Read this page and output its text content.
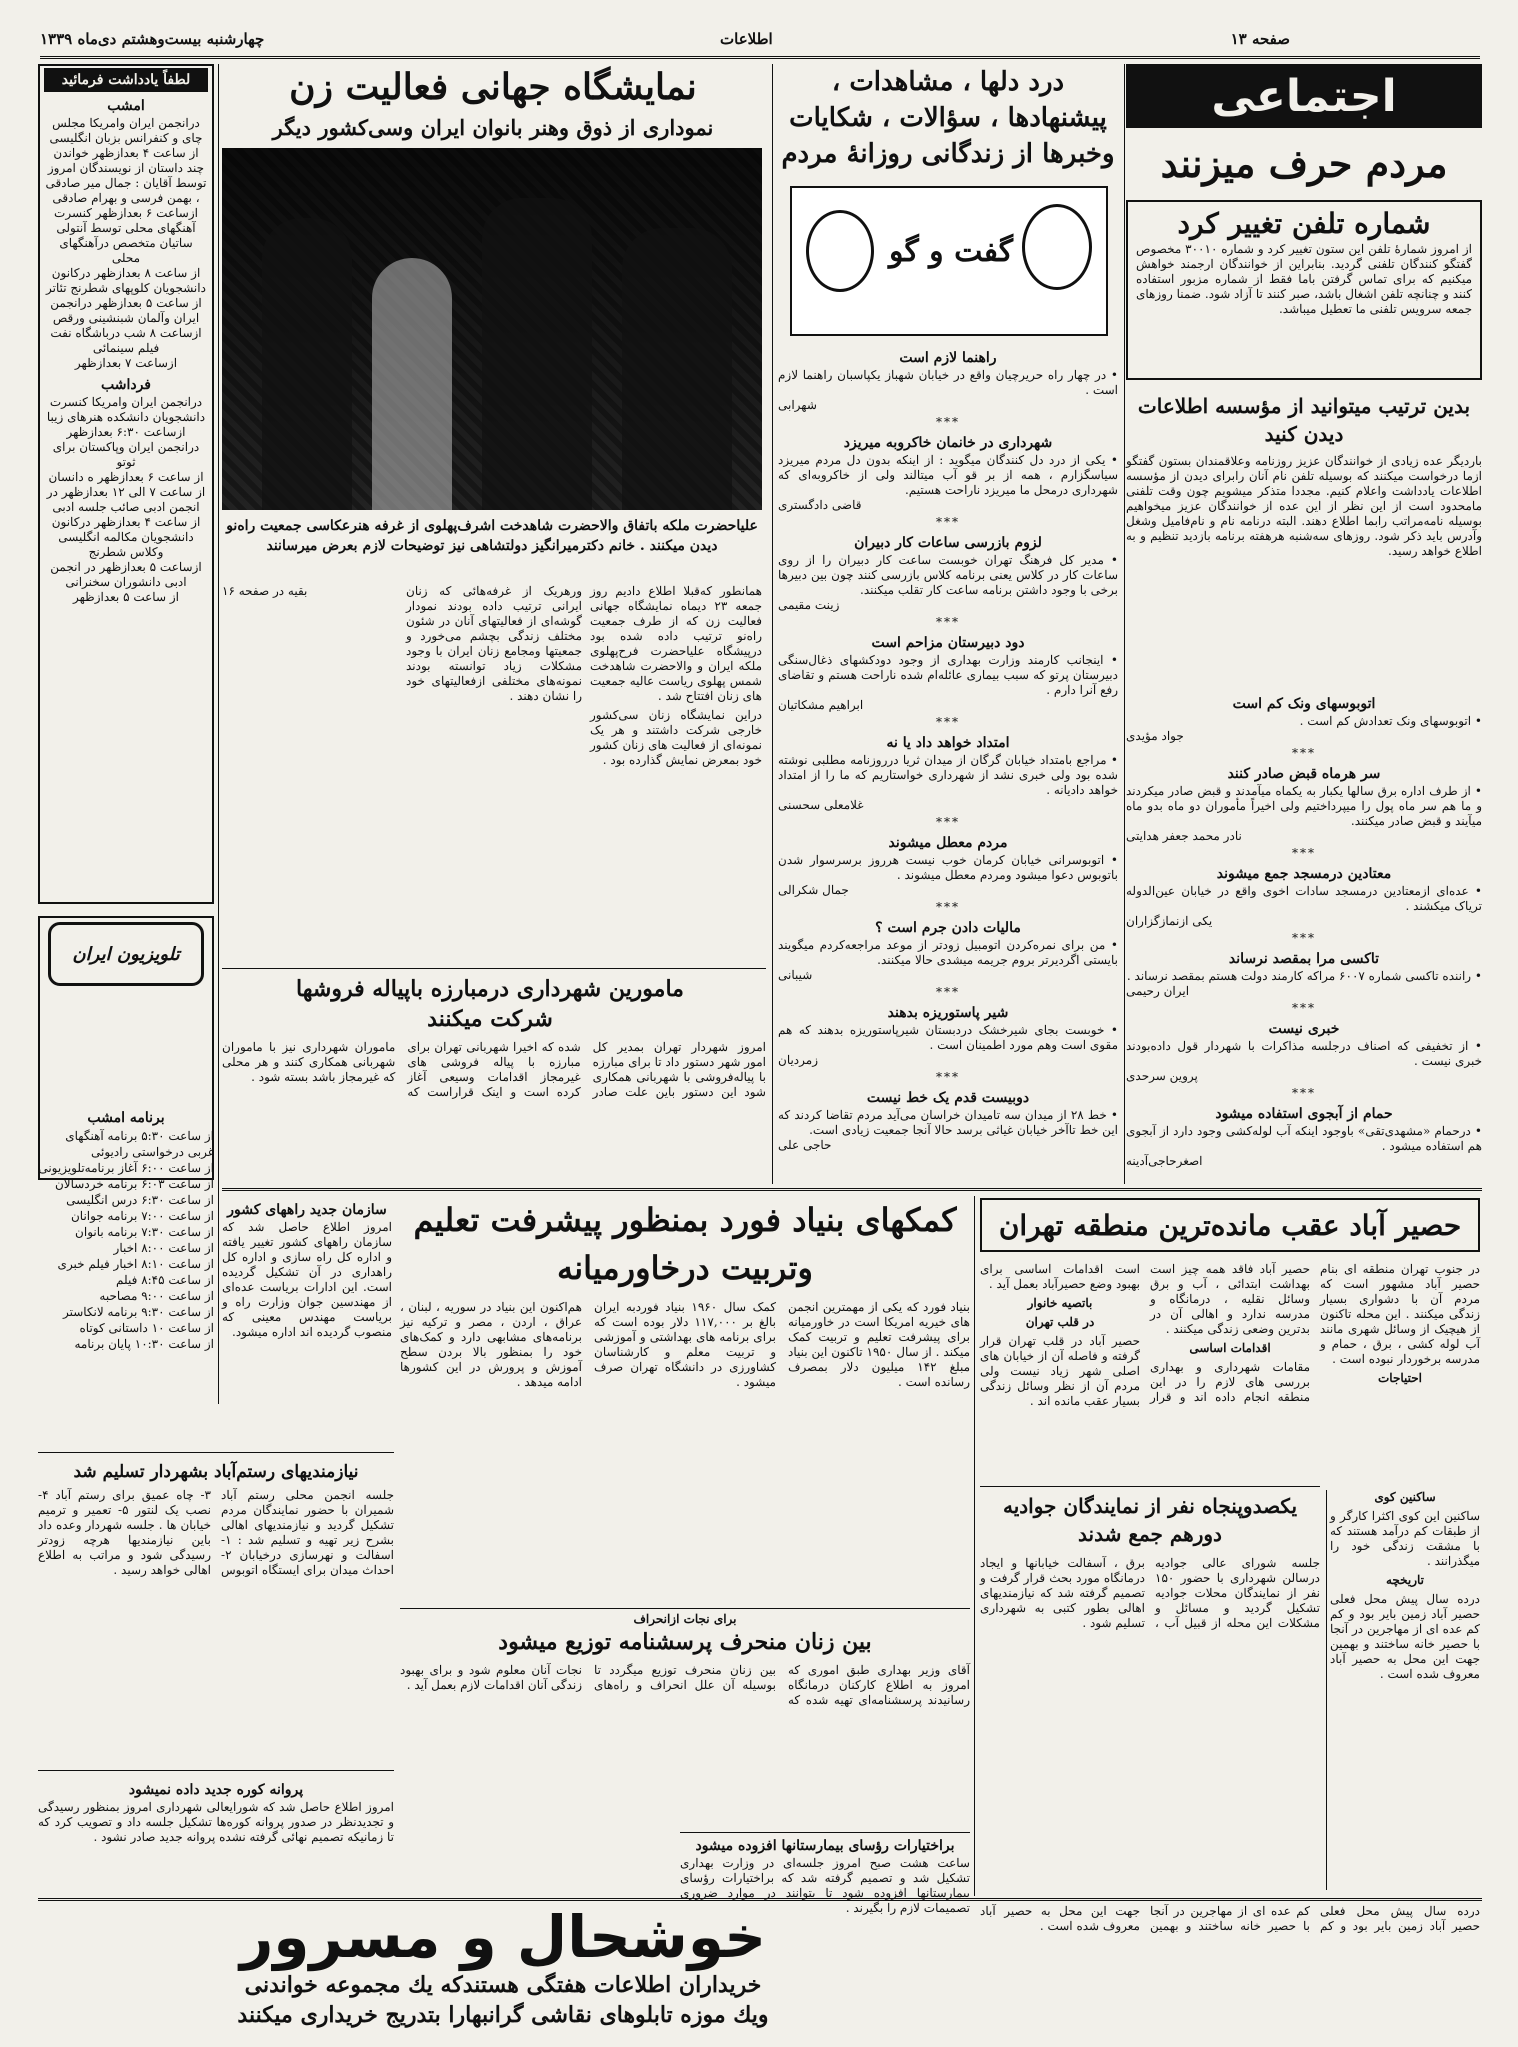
صفحه ۱۳
اطلاعات
چهارشنبه بیست‌وهشتم دی‌ماه ۱۳۳۹
اجتماعی
مردم حرف میزنند
شماره تلفن تغییر کرد
از امروز شمارهٔ تلفن این ستون تغییر کرد و شماره ۳۰۰۱۰ مخصوص گفتگو کنندگان تلفنی گردید. بنابراین از خوانندگان ارجمند خواهش میکنیم که برای تماس گرفتن باما فقط از شماره مزبور استفاده کنند و چنانچه تلفن اشغال باشد، صبر کنند تا آزاد شود. ضمنا روزهای جمعه سرویس تلفنی ما تعطیل میباشد.
بدین ترتیب میتوانید از مؤسسه اطلاعات دیدن کنید
باردیگر عده زیادی از خوانندگان عزیز روزنامه وعلاقمندان بستون گفتگو ازما درخواست میکنند که بوسیله تلفن نام آنان رابرای دیدن از مؤسسه اطلاعات یادداشت واعلام کنیم. مجددا متذکر میشویم چون وقت تلفنی مامحدود است از این نظر از این عده از خوانندگان عزیز میخواهیم بوسیله نامه‌مراتب رابما اطلاع دهند. البته درنامه نام و نام‌فامیل وشغل وآدرس باید ذکر شود. روزهای سه‌شنبه هرهفته برنامه بازدید تنظیم و به اطلاع خواهد رسید.
اتوبوسهای ونک کم است
• اتوبوسهای ونک تعدادش کم است .
جواد مؤیدی
***
سر هرماه قبض صادر کنند
• از طرف اداره برق سالها یکبار به یکماه میآمدند و قبض صادر میکردند و ما هم سر ماه پول را میپرداختیم ولی اخیراً مأموران دو ماه بدو ماه میآیند و قبض صادر میکنند.
نادر محمد جعفر هدایتی
***
معتادین درمسجد جمع میشوند
• عده‌ای ازمعتادین درمسجد سادات اخوی واقع در خیابان عین‌الدوله تریاک میکشند .
یکی ازنمازگزاران
***
تاکسی مرا بمقصد نرساند
• راننده تاکسی شماره ۶۰۰۷ مراکه کارمند دولت هستم بمقصد نرساند .
ایران رحیمی
***
خبری نیست
• از تخفیفی که اصناف درجلسه مذاکرات با شهردار قول داده‌بودند خبری نیست .
پروین سرحدی
***
حمام از آبجوی استفاده میشود
• درحمام «مشهدی‌تقی» باوجود اینکه آب لوله‌کشی وجود دارد از آبجوی هم استفاده میشود .
اصغرحاجی‌آدینه
درد دلها ، مشاهدات ، پیشنهادها ، سؤالات ، شکایات وخبرها از زندگانی روزانهٔ مردم
گفت و گو
راهنما لازم است
• در چهار راه حریرچیان واقع در خیابان شهباز یکپاسبان راهنما لازم است .
شهرابی
***
شهرداری در خانمان خاکروبه میریزد
• یکی از درد دل کنندگان میگوید : از اینکه بدون دل مردم میریزد سیاسگزارم ، همه از بر قو آب میتالند ولی از خاکروبه‌ای که شهرداری درمحل ما میریزد ناراحت هستیم.
قاضی دادگستری
***
لزوم بازرسی ساعات کار دبیران
• مدیر کل فرهنگ تهران خوبست ساعت کار دبیران را از روی ساعات کار در کلاس یعنی برنامه کلاس بازرسی کنند چون بین دبیرها برخی با وجود داشتن برنامه ساعت کار تقلب میکنند.
زینت مقیمی
***
دود دبیرستان مزاحم است
• اینجانب کارمند وزارت بهداری از وجود دودکشهای ذغال‌سنگی دبیرستان پرتو که سبب بیماری عائله‌ام شده ناراحت هستم و تقاضای رفع آنرا دارم .
ابراهیم مشکاتیان
***
امتداد خواهد داد یا نه
• مراجع بامتداد خیابان گرگان از میدان ثریا درروزنامه مطلبی نوشته شده بود ولی خبری نشد از شهرداری خواستاریم که ما را از امتداد خواهد دادیانه .
غلامعلی سحسنی
***
مردم معطل میشوند
• اتوبوسرانی خیابان کرمان خوب نیست هرروز برسرسوار شدن باتوبوس دعوا میشود ومردم معطل میشوند .
جمال شکرالی
***
مالیات دادن جرم است ؟
• من برای نمره‌کردن اتومبیل زودتر از موعد مراجعه‌کردم میگویند بایستی اگردیرتر بروم جریمه میشدی حالا میکنند.
شیبانی
***
شیر پاستوریزه بدهند
• خوبست بجای شیرخشک دردبستان شیرپاستوریزه بدهند که هم مقوی است وهم مورد اطمینان است .
زمردیان
***
دوبیست قدم یک خط نیست
• خط ۲۸ از میدان سه تامیدان خراسان می‌آید مردم تقاضا کردند که این خط تاآخر خیابان غیاثی برسد حالا آنجا جمعیت زیادی است.
حاجی علی
نمایشگاه جهانی فعالیت زن
نموداری از ذوق وهنر بانوان ایران وسی‌کشور دیگر
علیاحضرت ملکه باتفاق والاحضرت شاهدخت اشرف‌پهلوی از غرفه هنرعکاسی جمعیت راه‌نو دیدن میکنند . خانم دکترمیرانگیز دولتشاهی نیز توضیحات لازم بعرض میرسانند

همانطور که‌قبلا اطلاع دادیم روز جمعه ۲۳ دیماه نمایشگاه جهانی فعالیت زن که از طرف جمعیت راه‌نو ترتیب داده شده بود درپیشگاه علیاحضرت فرح‌پهلوی ملکه ایران و والاحضرت شاهدخت شمس پهلوی ریاست عالیه جمعیت های زنان افتتاح شد .

دراین نمایشگاه زنان سی‌کشور خارجی شرکت داشتند و هر یک نمونه‌ای از فعالیت های زنان کشور خود بمعرض نمایش گذارده بود .

ورهریک از غرفه‌هائی که زنان ایرانی ترتیب داده بودند نمودار گوشه‌ای از فعالیتهای آنان در شئون مختلف زندگی بچشم می‌خورد و جمعیتها ومجامع زنان ایران با وجود مشکلات زیاد توانسته بودند نمونه‌های مختلفی ازفعالیتهای خود را نشان دهند .

بقیه در صفحه ۱۶

مامورین شهرداری درمبارزه باپیاله فروشها شرکت میکنند
امروز شهردار تهران بمدیر کل امور شهر دستور داد تا برای مبارزه با پیاله‌فروشی با شهربانی همکاری شود این دستور باین علت صادر شده که اخیرا شهربانی تهران برای مبارزه با پیاله فروشی های غیرمجاز اقدامات وسیعی آغاز کرده است و اینک قراراست که ماموران شهرداری نیز با ماموران شهربانی همکاری کنند و هر محلی که غیرمجاز باشد بسته شود .
لطفاً یادداشت فرمائید
امشب
درانجمن ایران وامریکا مجلس چای و کنفرانس بزبان انگلیسی
از ساعت ۴ بعدازظهر خواندن چند داستان از نویسندگان امروز توسط آقایان : جمال میر صادقی ، بهمن فرسی و بهرام صادقی
ازساعت ۶ بعدازظهر کنسرت آهنگهای محلی توسط آنتولی ساتیان متخصص درآهنگهای محلی
از ساعت ۸ بعدازظهر درکانون دانشجویان کلوپهای شطرنج تئاتر
از ساعت ۵ بعدازظهر درانجمن ایران وآلمان شبنشینی ورقص
ازساعت ۸ شب درباشگاه نفت فیلم سینمائی
ازساعت ۷ بعدازظهر
فرداشب
درانجمن ایران وامریکا کنسرت دانشجویان دانشکده هنرهای زیبا
ازساعت ۶:۳۰ بعدازظهر درانجمن ایران وپاکستان برای ثوتو
از ساعت ۶ بعدازظهر ه دانسان
از ساعت ۷ الی ۱۲ بعدازظهر در انجمن ادبی صائب جلسه ادبی
از ساعت ۴ بعدازظهر درکانون دانشجویان مکالمه انگلیسی وکلاس شطرنج
ازساعت ۵ بعدازظهر در انجمن ادبی دانشوران سخنرانی
از ساعت ۵ بعدازظهر
تلویزیون ایران
برنامه امشب
از ساعت ۵:۳۰ برنامه آهنگهای غربی درخواستی رادیوئی
از ساعت ۶:۰۰ آغاز برنامه‌تلویزیونی
از ساعت ۶:۰۳ برنامه خردسالان
از ساعت ۶:۳۰ درس انگلیسی
از ساعت ۷:۰۰ برنامه جوانان
از ساعت ۷:۳۰ برنامه بانوان
از ساعت ۸:۰۰ اخبار
از ساعت ۸:۱۰ اخبار فیلم خبری
از ساعت ۸:۴۵ فیلم
از ساعت ۹:۰۰ مصاحبه
از ساعت ۹:۳۰ برنامه لانکاستر
از ساعت ۱۰ داستانی کوتاه
از ساعت ۱۰:۳۰ پایان برنامه
سازمان جدید راههای کشور
امروز اطلاع حاصل شد که سازمان راههای کشور تغییر یافته و اداره کل راه سازی و اداره کل راهداری در آن تشکیل گردیده است. این ادارات بریاست عده‌ای از مهندسین جوان وزارت راه و بریاست مهندس معینی که منصوب گردیده اند اداره میشود.
کمکهای بنیاد فورد بمنظور پیشرفت تعلیم وتربیت درخاورمیانه

بنیاد فورد که یکی از مهمترین انجمن های خیریه امریکا است در خاورمیانه برای پیشرفت تعلیم و تربیت کمک میکند . از سال ۱۹۵۰ تاکنون این بنیاد مبلغ ۱۴۲ میلیون دلار بمصرف رسانده است .

کمک سال ۱۹۶۰ بنیاد فوردبه ایران بالغ بر ۱۱۷,۰۰۰ دلار بوده است که برای برنامه های بهداشتی و آموزشی و تربیت معلم و کارشناسان کشاورزی در دانشگاه تهران صرف میشود .

هم‌اکنون این بنیاد در سوریه ، لبنان ، عراق ، اردن ، مصر و ترکیه نیز برنامه‌های مشابهی دارد و کمک‌های خود را بمنظور بالا بردن سطح آموزش و پرورش در این کشورها ادامه میدهد .

نیازمندیهای رستم‌آباد بشهردار تسلیم شد
جلسه انجمن محلی رستم آباد شمیران با حضور نمایندگان مردم تشکیل گردید و نیازمندیهای اهالی بشرح زیر تهیه و تسلیم شد : ۱- اسفالت و نهرسازی درخیابان ۲- احداث میدان برای ایستگاه اتوبوس ۳- چاه عمیق برای رستم آباد ۴- نصب یک لنتور ۵- تعمیر و ترمیم خیابان ها . جلسه شهردار وعده داد باین نیازمندیها هرچه زودتر رسیدگی شود و مراتب به اطلاع اهالی خواهد رسید .
پروانه کوره جدید داده نمیشود
امروز اطلاع حاصل شد که شورایعالی شهرداری امروز بمنظور رسیدگی و تجدیدنظر در صدور پروانه کوره‌ها تشکیل جلسه داد و تصویب کرد که تا زمانیکه تصمیم نهائی گرفته نشده پروانه جدید صادر نشود .
برای نجات ازانحراف
بین زنان منحرف پرسشنامه توزیع میشود
آقای وزیر بهداری طبق اموری که امروز به اطلاع کارکنان درمانگاه رسانیدند پرسشنامه‌ای تهیه شده که بین زنان منحرف توزیع میگردد تا بوسیله آن علل انحراف و راه‌های نجات آنان معلوم شود و برای بهبود زندگی آنان اقدامات لازم بعمل آید .
براختیارات رؤسای بیمارستانها افزوده میشود
ساعت هشت صبح امروز جلسه‌ای در وزارت بهداری تشکیل شد و تصمیم گرفته شد که براختیارات رؤسای بیمارستانها افزوده شود تا بتوانند در موارد ضروری تصمیمات لازم را بگیرند .
حصیر آباد عقب مانده‌ترین منطقه تهران

در جنوب تهران منطقه ای بنام حصیر آباد مشهور است که مردم آن با دشواری بسیار زندگی میکنند . این محله تاکنون از هیچیک از وسائل شهری مانند آب لوله کشی ، برق ، حمام و مدرسه برخوردار نبوده است .

احتیاجات

حصیر آباد فاقد همه چیز است بهداشت ابتدائی ، آب و برق وسائل نقلیه ، درمانگاه و مدرسه ندارد و اهالی آن در بدترین وضعی زندگی میکنند .

اقدامات اساسی

مقامات شهرداری و بهداری بررسی های لازم را در این منطقه انجام داده اند و قرار است اقدامات اساسی برای بهبود وضع حصیرآباد بعمل آید .

باتصیه خانوار

در قلب تهران

حصیر آباد در قلب تهران قرار گرفته و فاصله آن از خیابان های اصلی شهر زیاد نیست ولی مردم آن از نظر وسائل زندگی بسیار عقب مانده اند .

ساکنین کوی

ساکنین این کوی اکثرا کارگر و از طبقات کم درآمد هستند که با مشقت زندگی خود را میگذرانند .

تاریخچه

درده سال پیش محل فعلی حصیر آباد زمین بایر بود و کم کم عده ای از مهاجرین در آنجا با حصیر خانه ساختند و بهمین جهت این محل به حصیر آباد معروف شده است .

یکصدوپنجاه نفر از نمایندگان جوادیه دورهم جمع شدند
جلسه شورای عالی جوادیه درسالن شهرداری با حضور ۱۵۰ نفر از نمایندگان محلات جوادیه تشکیل گردید و مسائل و مشکلات این محله از قبیل آب ، برق ، آسفالت خیابانها و ایجاد درمانگاه مورد بحث قرار گرفت و تصمیم گرفته شد که نیازمندیهای اهالی بطور کتبی به شهرداری تسلیم شود .
خوشحال و مسرور
خریداران اطلاعات هفتگی هستندکه یك مجموعه خواندنی
ویك موزه تابلوهای نقاشی گرانبهارا بتدریج خریداری میکنند
درده سال پیش محل فعلی حصیر آباد زمین بایر بود و کم کم عده ای از مهاجرین در آنجا با حصیر خانه ساختند و بهمین جهت این محل به حصیر آباد معروف شده است .
